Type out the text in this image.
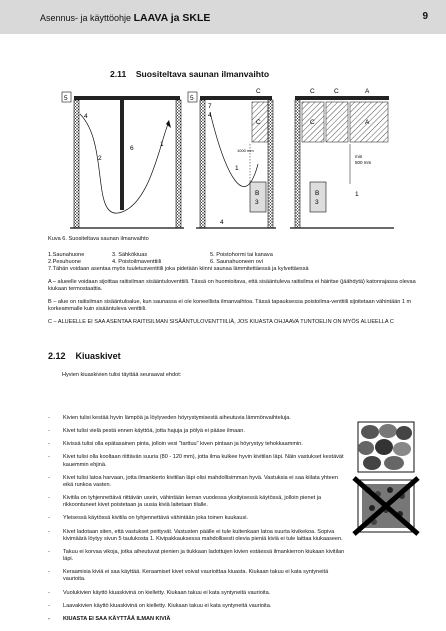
Asennus- ja käyttöohje LAAVA ja SKLE	9
2.11 Suositeltava saunan ilmanvaihto
5
4
2
6
1
5
7
4
C
C
1000 mm
1
B
3
4
C	C	A
C	A
min
500 mm
1
B
3
Kuva 6. Suositeltava saunan ilmanvaihto
1.Saunahuone
2.Pesuhuone
3. Sähkökiuas
4. Poistoilmaventtiili
5. Poistohormi tai kanava
6. Saunahuoneen ovi
7.Tähän voidaan asentaa myös tuuletusventtiili joka pidetään kiinni saunaa lämmitettäessä ja kylvettäessä
A – alueelle voidaan sijoittaa raitisilman sisääntuloventtiili. Tässä on huomioitava, että sisääntuleva raitisilma ei häiritse (jäähdytä) katonrajassa olevaa kiukaan termostaattia.
B – alue on raitisilman sisääntuloalue, kun saunassa ei ole koneellista ilmanvaihtoa. Tässä tapauksessa poistoilma-venttiili sijoitetaan vähintään 1 m korkeammalle kuin sisääntuleva venttiili.
C – ALUEELLE EI SAA ASENTAA RAITISILMAN SISÄÄNTULOVENTTIILIÄ, JOS KIUASTA OHJAAVA TUNTOELIN ON MYÖS ALUEELLA C
2.12 Kiuaskivet
Hyvien kiuaskivien tulisi täyttää seuraavat ehdot:
- Kivien tulisi kestää hyvin lämpöä ja löylyveden höyrystymisestä aiheutuvia lämmönvaihteluja.
- Kivet tulisi vielä pestä ennen käyttöä, jotta hajuja ja pölyä ei pääse ilmaan.
- Kivissä tulisi olla epätasainen pinta, jolloin vesi "tarttuu" kiven pintaan ja höyrystyy tehokkaammin.
- Kivet tulisi olla kooltaan riittävän suuria (80 - 120 mm), jotta ilma kulkee hyvin kivitilan läpi. Näin vastukset kestävät kauemmin ehjinä.
- Kivet tulisi latoa harvaan, jotta ilmankierto kivitilan läpi olisi mahdollisimman hyvä. Vastuksia ei saa kiilata yhteen eikä runkoa vasten.
- Kivitila on tyhjennettävä riittävän usein, vähintään kerran vuodessa yksityisessä käytössä, jolloin pienet ja rikkoontuneet kivet poistetaan ja uusia kiviä laitetaan tilalle.
- Yleisessä käytössä kivitila on tyhjennettävä vähintään joka toinen kuukausi.
- Kivet ladotaan siten, että vastukset peittyvät. Vastusten päälle ei tule kuitenkaan latoa suurta kivikekoa. Sopiva kivimäärä löytyy sivun 5 taulukosta 1. Kivipakkauksessa mahdollisesti olevia pieniä kiviä ei tule laittaa kiukaaseen.
- Takuu ei korvaa vikoja, jotka aiheutuvat pienien ja tiukkaan ladottujen kivien estäessä ilmankierron kiukaan kivitilan läpi.
- Keraamisia kiviä ei saa käyttää. Keraamiset kivet voivat vaurioittaa kiuasta. Kiukaan takuu ei kata syntyneitä vaurioita.
- Vuolukivien käyttö kiuaskivinä on kielletty. Kiukaan takuu ei kata syntyneitä vaurioita.
- Laavakivien käyttö kiuaskivinä on kielletty. Kiukaan takuu ei kata syntyneitä vaurioita.
- KIUASTA EI SAA KÄYTTÄÄ ILMAN KIVIÄ
